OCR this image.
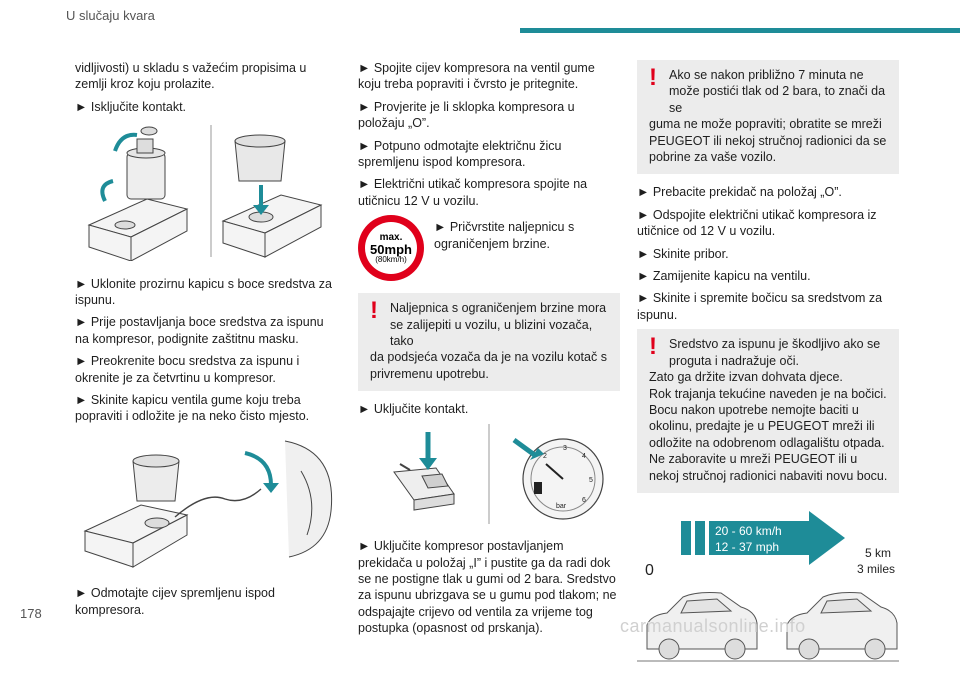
U slučaju kvara

vidljivosti) u skladu s važećim propisima u zemlji kroz koju prolazite.

► Isključite kontakt.

► Uklonite prozirnu kapicu s boce sredstva za ispunu.

► Prije postavljanja boce sredstva za ispunu na kompresor, podignite zaštitnu masku.

► Preokrenite bocu sredstva za ispunu i okrenite je za četvrtinu u kompresor.

► Skinite kapicu ventila gume koju treba popraviti i odložite je na neko čisto mjesto.

► Odmotajte cijev spremljenu ispod kompresora.

► Spojite cijev kompresora na ventil gume koju treba popraviti i čvrsto je pritegnite.

► Provjerite je li sklopka kompresora u položaju „O”.

► Potpuno odmotajte električnu žicu spremljenu ispod kompresora.

► Električni utikač kompresora spojite na utičnicu 12 V u vozilu.

max.
50mph
(80km/h)
► Pričvrstite naljepnicu s ograničenjem brzine.
! Naljepnica s ograničenjem brzine mora se zalijepiti u vozilu, u blizini vozača, tako
da podsjeća vozača da je na vozilu kotač s privremenu upotrebu.

► Uključite kontakt.

2
3
4
5
6
bar

► Uključite kompresor postavljanjem prekidača u položaj „I” i pustite ga da radi dok se ne postigne tlak u gumi od 2 bara. Sredstvo za ispunu ubrizgava se u gumu pod tlakom; ne odspajajte crijevo od ventila za vrijeme tog postupka (opasnost od prskanja).

! Ako se nakon približno 7 minuta ne može postići tlak od 2 bara, to znači da se
guma ne može popraviti; obratite se mreži PEUGEOT ili nekoj stručnoj radionici da se pobrine za vaše vozilo.

► Prebacite prekidač na položaj „O”.

► Odspojite električni utikač kompresora iz utičnice od 12 V u vozilu.

► Skinite pribor.

► Zamijenite kapicu na ventilu.

► Skinite i spremite bočicu sa sredstvom za ispunu.

! Sredstvo za ispunu je škodljivo ako se proguta i nadražuje oči.
Zato ga držite izvan dohvata djece.
Rok trajanja tekućine naveden je na bočici.
Bocu nakon upotrebe nemojte baciti u okolinu, predajte je u PEUGEOT mreži ili odložite na odobrenom odlagalištu otpada.
Ne zaboravite u mreži PEUGEOT ili u nekoj stručnoj radionici nabaviti novu bocu.
20 - 60 km/h
12 - 37 mph	5 km
3 miles
0
178
carmanualsonline.info
